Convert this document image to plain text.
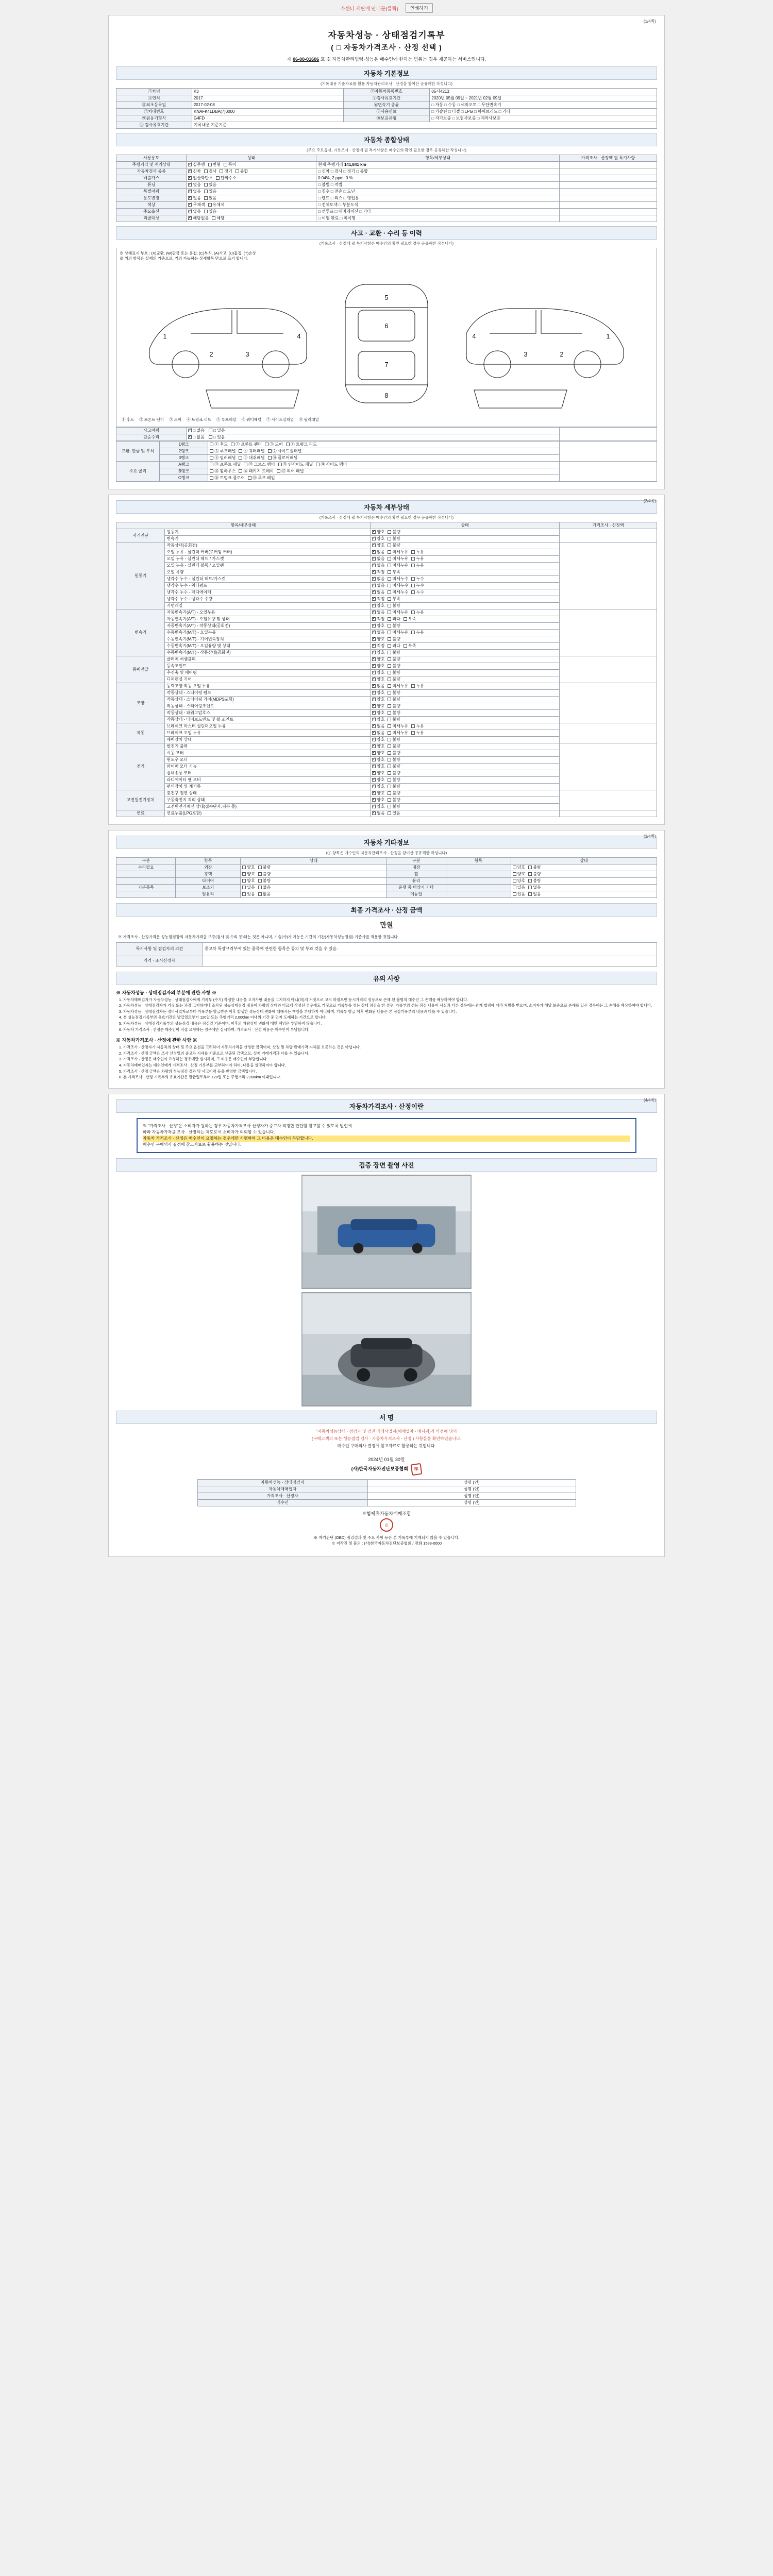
카센터.재판매 안내문(클릭)	인쇄하기
(1/4쪽)
자동차성능 · 상태점검기록부
( □ 자동차가격조사 · 산정 선택 )
제 06-00-01606 호 ※ 자동차관리법령·성능은 매수인에 한하는 범위는 경우 제공하는 서비스입니다.
자동차 기본정보
(기록내용 기준자료를 활용 자동차관리조사 · 산정을 참여산 공유해한 작성니다)
①차명	K3	②자동차등록번호	05서4213
③연식	2017	④검사유효기간	2020년 05월 09일 ~ 2021년 02월 09일
⑤최초등록일	2017-02-08	⑥변속기 종류	□ 자동 □ 수동 □ 세미오토 □ 무단변속기
⑦차대번호	KNAFK4LDBA(7)0000	⑧사용연료	□ 가솔린 □ 디젤 □ LPG □ 하이브리드 □ 기타
⑨원동기형식	G4FD	⑩보증유형	□ 자가보증 □ 보험사보증 □ 제작사보증
⑪ 검사유효기간	기록내용 기준기준		
자동차 종합상태
(주요 주요옵션, 기록조사 · 산정에 필 특기사항은 매수인의 확인 필요한 경우 공유해한 작성니다)
사용용도	상태	항목/세부상태	가격조사 · 산정액 필 특기사항
주행거리 및 계기상태	✓실주행 변형 특이	현재 주행거리 141,841 km	
자동차검사 종류	✓신차 검사 정기 종합	□ 신차 □ 검사 □ 정기 □ 종합	
배출가스	✓일산화탄소 탄화수소	0.04%, 2 ppm, 0 %	
튜닝	✓없음 있음	□ 불법 □ 적법	
특별이력	✓없음 있음	□ 침수 □ 전손 □ 도난	
용도변경	✓없음 있음	□ 렌트 □ 리스 □ 영업용	
색상	✓무채색 유채색	□ 전체도색 □ 부분도색	
주요옵션	✓없음 있음	□ 썬루프 □ 내비게이션 □ 기타	
리콜대상	✓해당없음 해당	□ 이행 완료 □ 미이행	
사고 · 교환 · 수리 등 이력
(기록조사 · 산정에 필 특기사항은 매수인의 확인 필요한 경우 공유해한 작성니다)
※ 상태표시 부호 : (X)교환, (W)판금 또는 용접, (C)부식, (A)사고, (U)흠집, (T)손상
※ 위의 항목은 실제의 기준으로, 거의 가능하는 상세항목 만으로 표기 합니다.
1
2	3
4
5
6
7
8
1
2
3
4
① 후드 ② 프론트 펜더 ③ 도어 ④ 트렁크 리드 ⑤ 루프패널 ⑥ 쿼터패널 ⑦ 사이드실패널 ⑧ 필러패널
사고이력	✓□ 없음 □ 있음	
단순수리	✓□ 없음 □ 있음
교환, 판금 및 부식	1랭크	① 후드 ② 프론트 펜더 ③ 도어 ④ 트렁크 리드	
	2랭크	⑤ 루프패널 ⑥ 쿼터패널 ⑦ 사이드실패널	
	3랭크	⑧ 필러패널 ⑨ 대쉬패널 ⑩ 플로어패널	
주요 골격	A랭크	⑪ 프론트 패널 ⑫ 크로스 멤버 ⑬ 인사이드 패널 ⑭ 사이드 멤버	
	B랭크	⑮ 휠하우스 ⑯ 패키지 트레이 ⑰ 리어 패널	
	C랭크	⑱ 트렁크 플로어 ⑲ 루프 레일	
(2/4쪽)
자동차 세부상태
(기록조사 · 산정에 필 특기사항은 매수인의 확인 필요한 경우 공유해한 작성니다)
항목/세부상태		상태	가격조사 · 산정액
자기진단	원동기	✓양호 불량	
	변속기	✓양호 불량
원동기	작동상태(공회전)	✓양호 불량	
	오일 누유 - 실린더 커버(로커암 커버)	✓없음 미세누유 누유
	오일 누유 - 실린더 헤드 / 가스켓	✓없음 미세누유 누유
	오일 누유 - 실린더 블록 / 오일팬	✓없음 미세누유 누유
	오일 유량	✓적정 부족
	냉각수 누수 - 실린더 헤드/가스켓	✓없음 미세누수 누수
	냉각수 누수 - 워터펌프	✓없음 미세누수 누수
	냉각수 누수 - 라디에이터	✓없음 미세누수 누수
	냉각수 누수 - 냉각수 수량	✓적정 부족
	커먼레일	✓양호 불량
변속기	자동변속기(A/T) - 오일누유	✓없음 미세누유 누유	
	자동변속기(A/T) - 오일유량 및 상태	✓적정 과다 부족
	자동변속기(A/T) - 작동상태(공회전)	✓양호 불량
	수동변속기(M/T) - 오일누유	✓없음 미세누유 누유
	수동변속기(M/T) - 기어변속장치	✓양호 불량
	수동변속기(M/T) - 오일유량 및 상태	✓적정 과다 부족
	수동변속기(M/T) - 작동상태(공회전)	✓양호 불량
동력전달	클러치 어셈블리	✓양호 불량	
	등속조인트	✓양호 불량
	추진축 및 베어링	✓양호 불량
	디퍼렌셜 기어	✓양호 불량
조향	동력조향 작동 오일 누유	✓없음 미세누유 누유	
	작동상태 - 스티어링 펌프	✓양호 불량
	작동상태 - 스티어링 기어(MDPS포함)	✓양호 불량
	작동상태 - 스티어링조인트	✓양호 불량
	작동상태 - 파워고압호스	✓양호 불량
	작동상태 - 타이로드엔드 및 볼 조인트	✓양호 불량
제동	브레이크 마스터 실린더오일 누유	✓없음 미세누유 누유	
	브레이크 오일 누유	✓없음 미세누유 누유
	배력장치 상태	✓양호 불량
전기	발전기 출력	✓양호 불량	
	시동 모터	✓양호 불량
	윈도우 모터	✓양호 불량
	와이퍼 모터 기능	✓양호 불량
	실내송풍 모터	✓양호 불량
	라디에이터 팬 모터	✓양호 불량
	편의장치 및 계기류	✓양호 불량
고전원전기장치	충전구 절연 상태	✓양호 불량	
	구동축전지 격리 상태	✓양호 불량
	고전원전기배선 상태(접속단자,피복 등)	✓양호 불량
연료	연료누출(LPG포함)	✓없음 있음	
(3/4쪽)
자동차 기타정보
(① 항목은 매수인의 자동차관리조사 · 산정을 참여산 공유해한 작성니다)
구분	항목	상태	구분	항목	상태
수리필요	외장	양호 불량	내장		양호 불량
	광택	양호 불량	휠		양호 불량
	타이어	양호 불량	유리		양호 불량
기본품목	보조키	있음 없음	운행 중 비상시 기타		있음 없음
	앞유리	있음 없음	메뉴얼		있음 없음
최종 가격조사 · 산정 금액
만원
※ 가격조사 · 산정가격은 성능점검장의 자동차가격을 보증(검사 및 수리 등)하는 것은 아니며, 기술(사)가 기능은 기간의 기간(자동차성능점검) 기준사를 적용한 것입니다.
특기사항 및 점검자의 의견	중고차 특장규격부에 있는 품목에 관련한 항목은 등의 및 부과 것을 수 있음.
가격 · 조사산정자	
유의 사항
※ 자동차성능 · 상태점검자의 부분에 관한 사항 ※
1. 자동차매매업자가 자동차성능 · 상태점검자에게 기록부 (수기) 작성한 내용을 고지사항 내용을 고지하지 아니(허)지 거짓으로 고지 하였으면 동시가격의 정상으로 손해 된 불명의 매수인 그 손해를 배상하여야 합니다.
2. 자동차성능 · 상태점검자가 거짓 또는 과장 고지하거나 조사된 성능상태점검 내용이 차량의 상태와 다르게 작성된 경우에도 거짓으로 기록부를 성능 상태 점검을 한 경우, 기록부의 성능 점검 내용이 사실과 다른 경우에는 관계 법령에 따라 처벌을 받으며, 소비자가 해당 보증으로 손해를 입은 경우에는 그 손해를 배상하여야 합니다.
3. 자동차성능 · 상태점검자는 정비사업자로부터 기록부를 발급받은 이후 발생한 성능상태 변화에 대해서는 책임을 부담하지 아니하며, 기록부 발급 이후 변화된 내용은 본 점검기록부의 내용과 다를 수 있습니다.
4. 본 성능점검기록부의 유효기간은 발급일로부터 120일 또는 주행거리 2,000km 이내의 기간 중 먼저 도래하는 기간으로 합니다.
5. 자동차성능 · 상태점검기록부의 성능점검 내용은 점검일 기준이며, 이후의 차량상태 변화에 대한 책임은 부담하지 않습니다.
6. 자동차 가격조사 · 산정은 매수인이 직접 요청하는 경우에만 실시하며, 가격조사 · 산정 비용은 매수인이 부담합니다.
※ 자동차가격조사 · 산정에 관한 사항 ※
1. 가격조사 · 산정자가 자동차의 상태 및 주요 옵션을 고려하여 자동차가격을 산정한 금액이며, 산정 및 차량 판매가격 자체를 보증하는 것은 아닙니다.
2. 가격조사 · 산정 금액은 조사 산정일의 중고차 시세를 기준으로 산출된 금액으로, 실제 거래가격과 다를 수 있습니다.
3. 가격조사 · 산정은 매수인이 요청하는 경우에만 실시하며, 그 비용은 매수인이 부담합니다.
4. 자동차매매업자는 매수인에게 가격조사 · 산정 기록부를 교부하여야 하며, 내용을 설명하여야 합니다.
5. 가격조사 · 산정 금액은 차량의 성능점검 결과 및 사고이력 등을 반영한 금액입니다.
6. 본 가격조사 · 산정 기록부의 유효기간은 발급일로부터 120일 또는 주행거리 2,000km 이내입니다.
(4/4쪽)
자동차가격조사 · 산정이란
※ "가격조사 · 산정"은 소비자가 원하는 경우 자동차가격조사·산정자가 중고차 적정한 판단할 참고할 수 있도록 벌현에
따라 자동차가격을 조사 · 산정하는 제도로서 소비자가 의뢰할 수 있습니다.
자동차 가격조사 · 산정은 매수인이 요청하는 경우에만 시행하며 그 비용은 매수인이 부담합니다.
매수인 구매의사 결정에 참고자료로 활용하는 것입니다.
검증 장면 촬영 사진
서 명
"자동차성능상태 · 점검자 및 검진 매매사업자(매매업자 · 매니저)가 약정해 위의
(구매고객의 또는 성능점검 검사 · 자동차가격조사 · 산정 ) 사항들을 확인하였습니다.
매수인 구매의사 결정에 참고자료로 활용하는 것입니다.
2024년 01월 30일
(사)한국자동차진단보증협회 印
자동차성능 · 상태점검자	성명 (인)
자동차매매업자	성명 (인)
가격조사 · 산정자	성명 (인)
매수인	성명 (인)
보험제휴자동차매매조합
印
※ 자기진단 (OBD) 점검결과 및 주요 사항 등은 본 기록부에 기재되지 않을 수 있습니다.
※ 저작권 및 문의 : (사)한국자동차진단보증협회 / 전화 1588-0000
